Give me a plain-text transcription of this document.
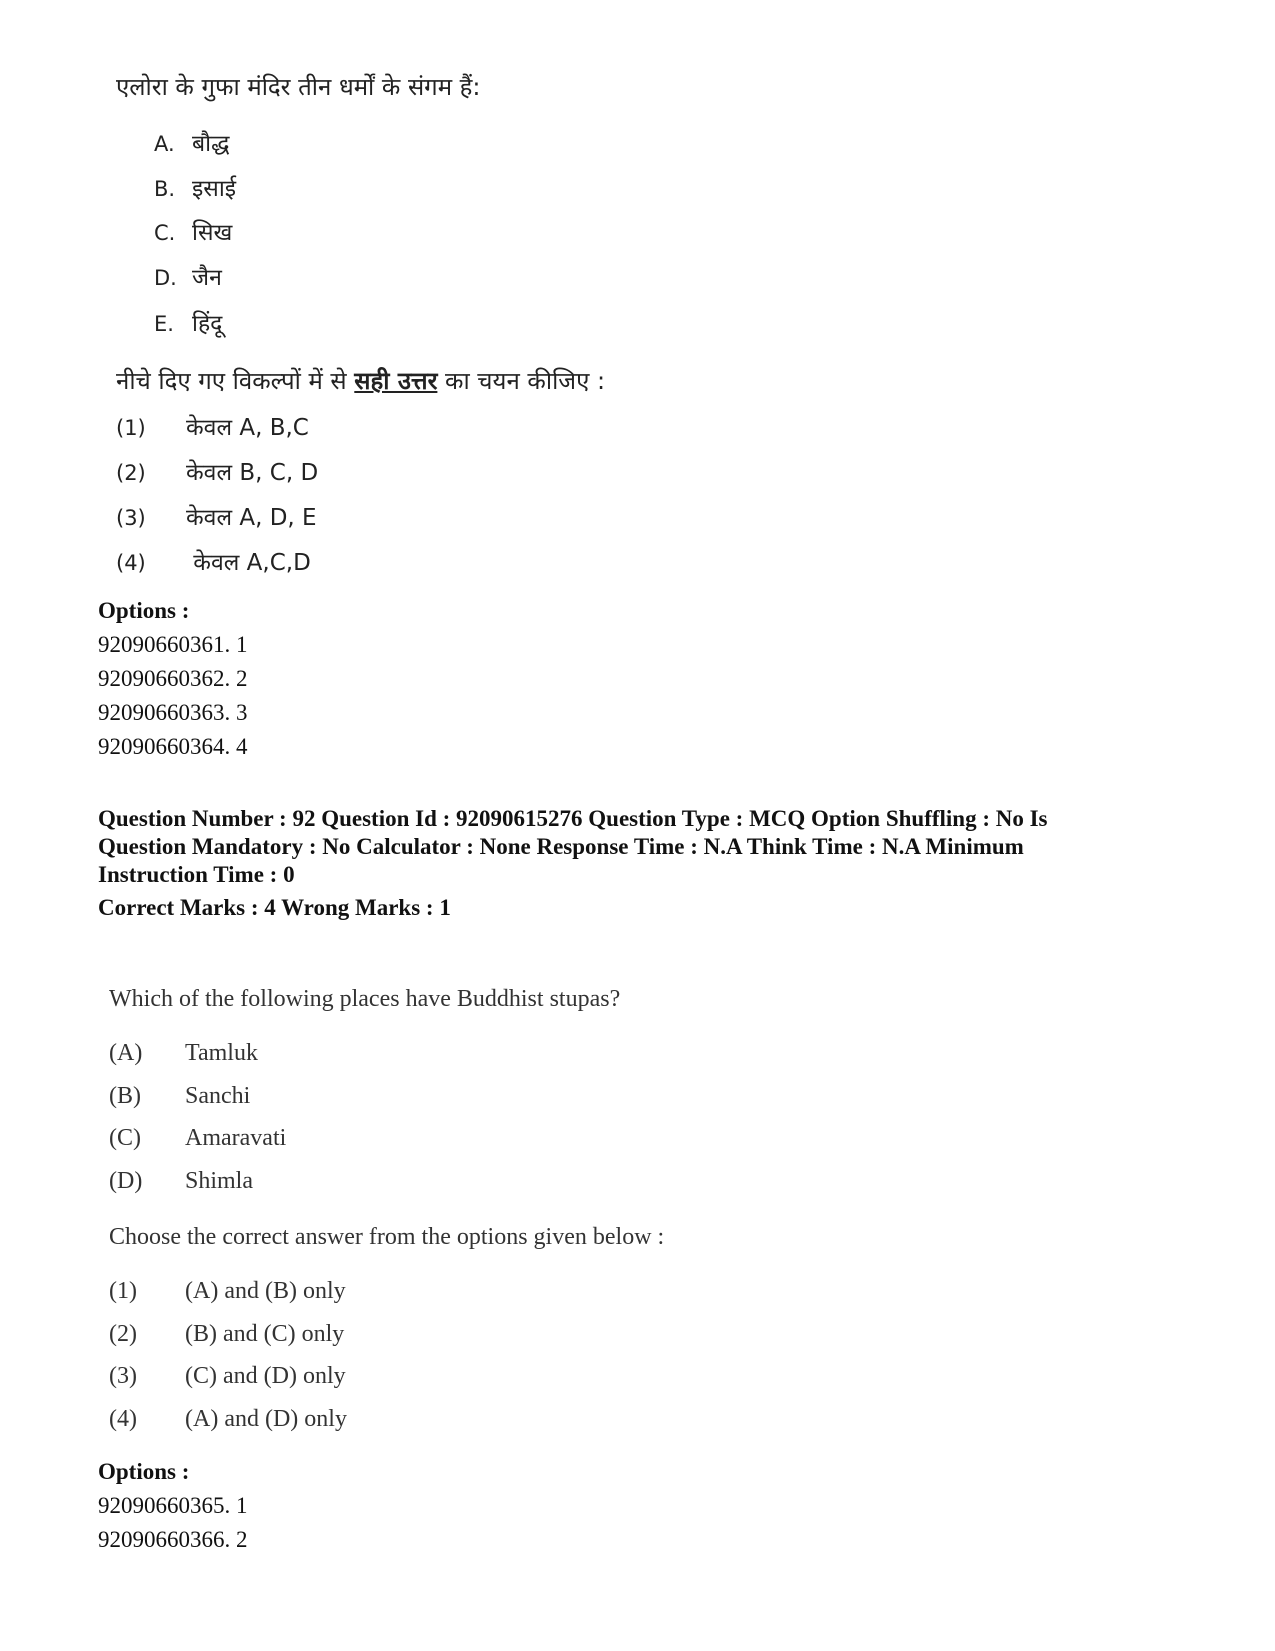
एलोरा के गुफा मंदिर तीन धर्मों के संगम हैं:
A. बौद्ध
B. इसाई
C. सिख
D. जैन
E. हिंदू
नीचे दिए गए विकल्पों में से सही उत्तर का चयन कीजिए :
(1) केवल A, B,C
(2) केवल B, C, D
(3) केवल A, D, E
(4) केवल A,C,D
Options :
92090660361. 1
92090660362. 2
92090660363. 3
92090660364. 4
Question Number : 92 Question Id : 92090615276 Question Type : MCQ Option Shuffling : No Is
Question Mandatory : No Calculator : None Response Time : N.A Think Time : N.A Minimum
Instruction Time : 0
Correct Marks : 4 Wrong Marks : 1
Which of the following places have Buddhist stupas?
(A) Tamluk
(B) Sanchi
(C) Amaravati
(D) Shimla
Choose the correct answer from the options given below :
(1) (A) and (B) only
(2) (B) and (C) only
(3) (C) and (D) only
(4) (A) and (D) only
Options :
92090660365. 1
92090660366. 2
